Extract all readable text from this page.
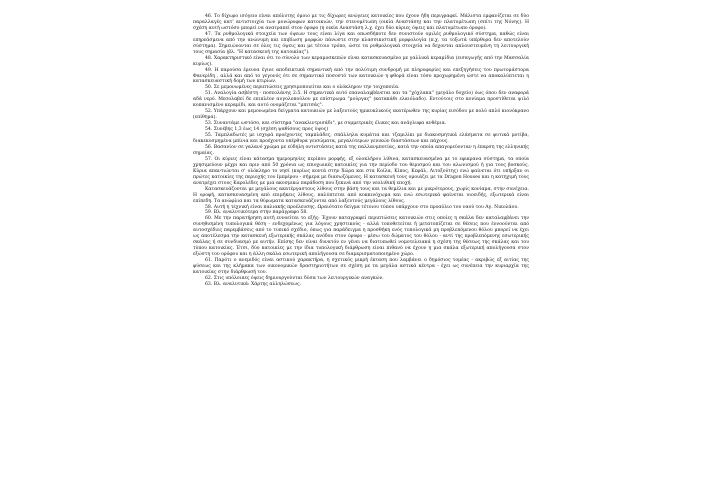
46. Το δίχωρο ισόγειο είναι απόλυτης όμοιο με τις δίχωρες ανώγειες κατοικίες που έχουν ήδη περιγραφεί. Μάλιστα εμφανίζεται σε δύο παραλλαγές κατ' αντιστοιχία των μονώροφων κατοικιών, την στενομέτωπη (οικία Αναστάση) και την πλατυμέτωπη (σπίτι της Νόνης). Η σχέση αυτή ωστόσο μπορεί να ανατραπεί στον όροφο (η οικία Αναστάση λ.χ. έχει δύο κύριες όψεις και πλατυμέτωπο όροφο).

47. Τα ρυθμολογικά στοιχεία των όψεων τους είναι λίγα και οπωσδήποτε δεν συνιστούν ομιλές ρυθμολογικό σύστημα, καθώς είναι επηρεάσμενα από την ανώνυμη και επιβίωση μορφών πάνωστε στην κλασσικιστική μορφολογία (π.χ. τα τοξωτά υπέρθυρα δεν αποτελούν σύστημα). Σημειώνονται σε όλες τις όψεις και με τέτοιο τρόπο, ώστε τα ρυθμολογικά στοιχεία να δεχονται απλουστευμένη τη λειτουργική τους σημασία (βλ. "Η κατασκευή της κατοικίας").

48. Χαρακτηριστικό είναι ότι το σύνολο των κεραμοσκεπών είναι κατασκευασμένο με γαλλικά κεραμίδια (εισαγωγής από την Μασσαλία κυρίως).

49. Η παρούσα έρευνα έγινε αποδεικτικά σημαντική από την πολύτιμη συνδρομή με πληροφορίες και επεξηγήσεις του πρωτομάστορα Φανερίδη , αλλά και από το γεγονός ότι σε σημαντικό ποσοστό των κατοικιών η φθορά είναι τόσο προχωρημένη ώστε να αποκαλύπτεται η κατασκευαστική δομή των κτιρίων.

50. Σε μεμονωμένες περιπτώσεις χρησιμοποιείται και ο ολόκληρον την τοιχοποιία.

51. Αναλογία ασβέστη - ποσεολάνης 2:5. Η σημαντικά αυτό επαναλαμβάνεται και τα "χόχλακα" (μεγάλο δοχείο) όως όπου δεν αναφορά αδά νερό. Μεσολαβεί δε επιπλέον αυγολοπούλου με επίστρωμα "μούργας" (κατακάθι ελαιόλαδο). Εντούτοις στο κονίαμα προστίθεται ψιλό κοπανισμένο κεραμίδι, και αυτό ονομάζεται "μπιτσάς".

52. Υπάρχουν και μεμονωμένα δείγματα κατοικιών με λαξευτούς ημικυκλικούς εκατέρωθεν της κυρίας εισόδου με πολύ απλό κιονόκρανο (επίθημα).

53. Συναντάμε ωστόσο, και σύστημα "ανακλιντρισάδι", με συμμετρικές έλικες και ανάγλυφα ανθέμια.

54. Συνέβης 1,3 έως 14 (σχέση ψαθίσους προς ύψος)

55. Ταμπλαδωτές με ισχυρά προέχοντες ταμπλάδες, σπάλληλα κυμάτια και τζαμιλίκι με διακοσμητικά ελάσματα σε φυτικά μοτίβα, διακεκοσμημένα μπίνια και προέχοντα υπέρθυρα γεισώματα, μεγαλύτερων γενικών διαστάσεων και πάχους.

56. Βασανίον σε γαλανό χρώμα με εύδηλη οντιστάσεις κατά της παλλανμποτίας, κατά την οποία απαγορεύονταν η έπαρση της ελληνικής σημαίας.

57. Οι κύριες είναι κάτασμα ημερομηνίες περίπου μορφής, εξ ολοκλήρου λίθινα, κατασκευασμένα με το εφικρανα σύστημα, τα οποία χρησιμεύουν μέχρι και πριν από 50 χρόνια ως επιοχωικές κατοικίες για την περίοδο του θερισμού και του αλωνισμού ή για τους βοσκούς. Κύρια απαντιώνται σ' ολόκληρο το νησί (κυρίως κοντά στην Χώρα και στα Κοίλα, Κίπος, Κεφάλ, Λιτοξούτης) ενώ φαίνεται ότι υπήρξαν οι πρώτες κατοικίες της περιοχής του Ιμπρέρου - σήμερα με διασωζόμενες. Η κατασκευή τους ομοιάζει με τα Dragon Houses και η κατηχιμή τους ανατρέχει στους Καρολέδες με μια ακοσμικώ παράδοση που ξεκινά από την νεολιθική εποχή.

Κατασκευάζονται με μεγάλους ακατέργαστους λίθους στην βάση τους και τα θεμέλια και με μικρότερους, χωρίς κονίαμα, στην συνέχεια. Η οροφή, κατασκευασμένη από επιμήκεις λίθους, καλύπτεται από κοκκινόχωμα και ενώ εσωτερικά φαίνεται υιοειδής, εξωτερικά είναι επίπεδη. Τα ανώφλια και τα θύρωματα κατασκευάζονται από λαξευτούς μεγάλους λίθους.

58. Αυτή η τεχνική είναι παλιακής προέλευσης. Ωραιότατο δείγμα τέτοιου τύπου υπάρχουν στο προαύλιο του ναού του Αγ. Νικολάου.

59. Βλ. αναλυτικότερα στην παράγραφο 58.

60. Με την παρατήρηση αυτή εννοείται το εξής: Έχουν καταγραφεί περιπτώσεις κατοικιών στις οποίες η σκάλα δεν καταλαμβάνει την συνηθισμένη τυπολογικά θέση - ενδεχομένως για λόγους χρηστικούς - αλλά τοποθετείται ή μετατοπίζεται σε θέσεις που έννοούνται από αυτοσχέδιες παρεμβάσεις από το τυπικό σχέδιο, όπως για παράδειγμα η προσθήκη ενός τυπολογικά μη προβλεπόμενου θόλου μπορεί να έχει ως αποτέλεσμα την κατασκευή εξωτερικής σκάλας ανόδου στον όροφο - μέσω του δώματος του θόλου - αντί της προβλεπόμενης εσωτερικής σκάλας ή σε συνδυασμό με αυτήν. Επίσης δεν είναι δυνατόν εν γένει να διατυπωθεί νομοτελειακά η σχέση της θέσεως της σκάλας και του τύπου κατοικίας. Έτσι, δύο κατοικίες με την ίδια τυπολογική διάρθρωση είναι πιθανό να έχουν η μια σκάλα εξωτερική απολήγουσα στον εξώστη του ορόφου και η άλλη σκάλα εσωτερική απολήγουσα σε διαμερισματοποιημένο χώρο.

61. Παρότι ο ανεμιδός είναι αστικού χαρακτήρα, η σχετικός μικρή έκταση που λαμβάνει ο δημόσιος τομέας - ακριβώς εξ αιτίας της φύσεως και της κλήμακα των οικονομικών δραστηριοτήτων σε σχέση με τα μεγάλα αστικά κέντρα - έχει ως συνέπεια την κυριαρχία της κατοικίας στην διάρθρωσή του.

62. Στις υπόλοιπες όψεις δημιουργούνται δύσα των λειτουργικών αναγκών.

63. Βλ. αναλυτικά: Χάρτης αλληλώσεως.
